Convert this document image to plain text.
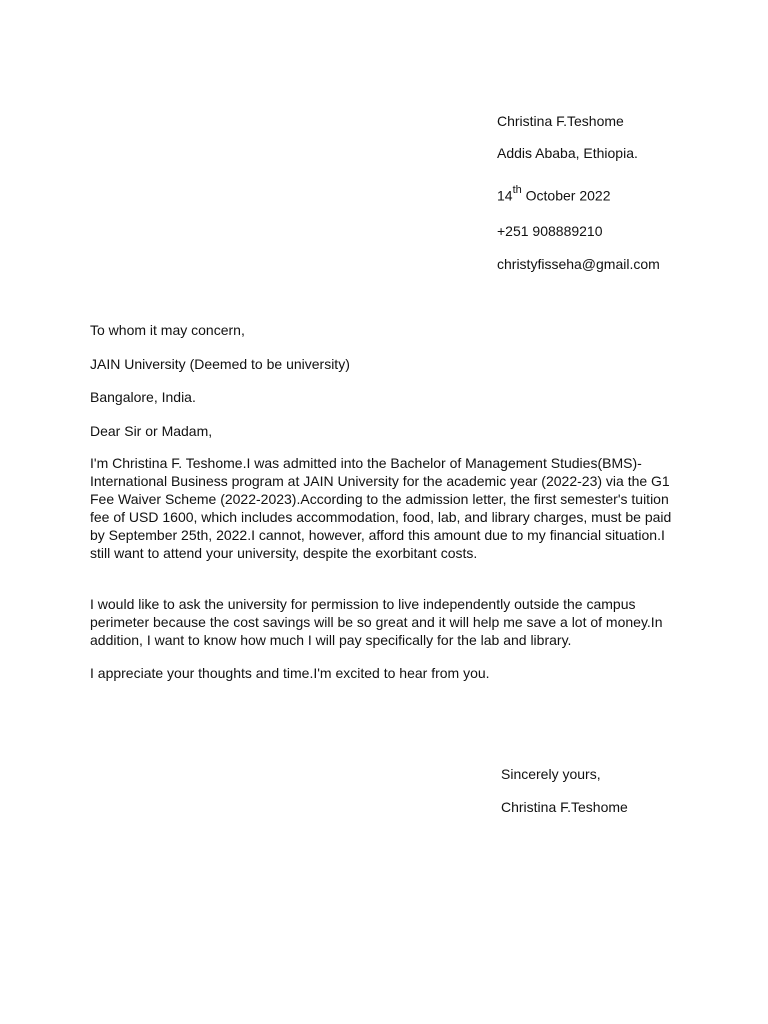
Christina F.Teshome
Addis Ababa, Ethiopia.
14th October 2022
+251 908889210
christyfisseha@gmail.com
To whom it may concern,
JAIN University (Deemed to be university)
Bangalore, India.
Dear Sir or Madam,

I'm Christina F. Teshome.I was admitted into the Bachelor of Management Studies(BMS)-International Business program at JAIN University for the academic year (2022-23) via the G1 Fee Waiver Scheme (2022-2023).According to the admission letter, the first semester's tuition fee of USD 1600, which includes accommodation, food, lab, and library charges, must be paid by September 25th, 2022.I cannot, however, afford this amount due to my financial situation.I still want to attend your university, despite the exorbitant costs.

I would like to ask the university for permission to live independently outside the campus perimeter because the cost savings will be so great and it will help me save a lot of money.In addition, I want to know how much I will pay specifically for the lab and library.

I appreciate your thoughts and time.I'm excited to hear from you.

Sincerely yours,
Christina F.Teshome
